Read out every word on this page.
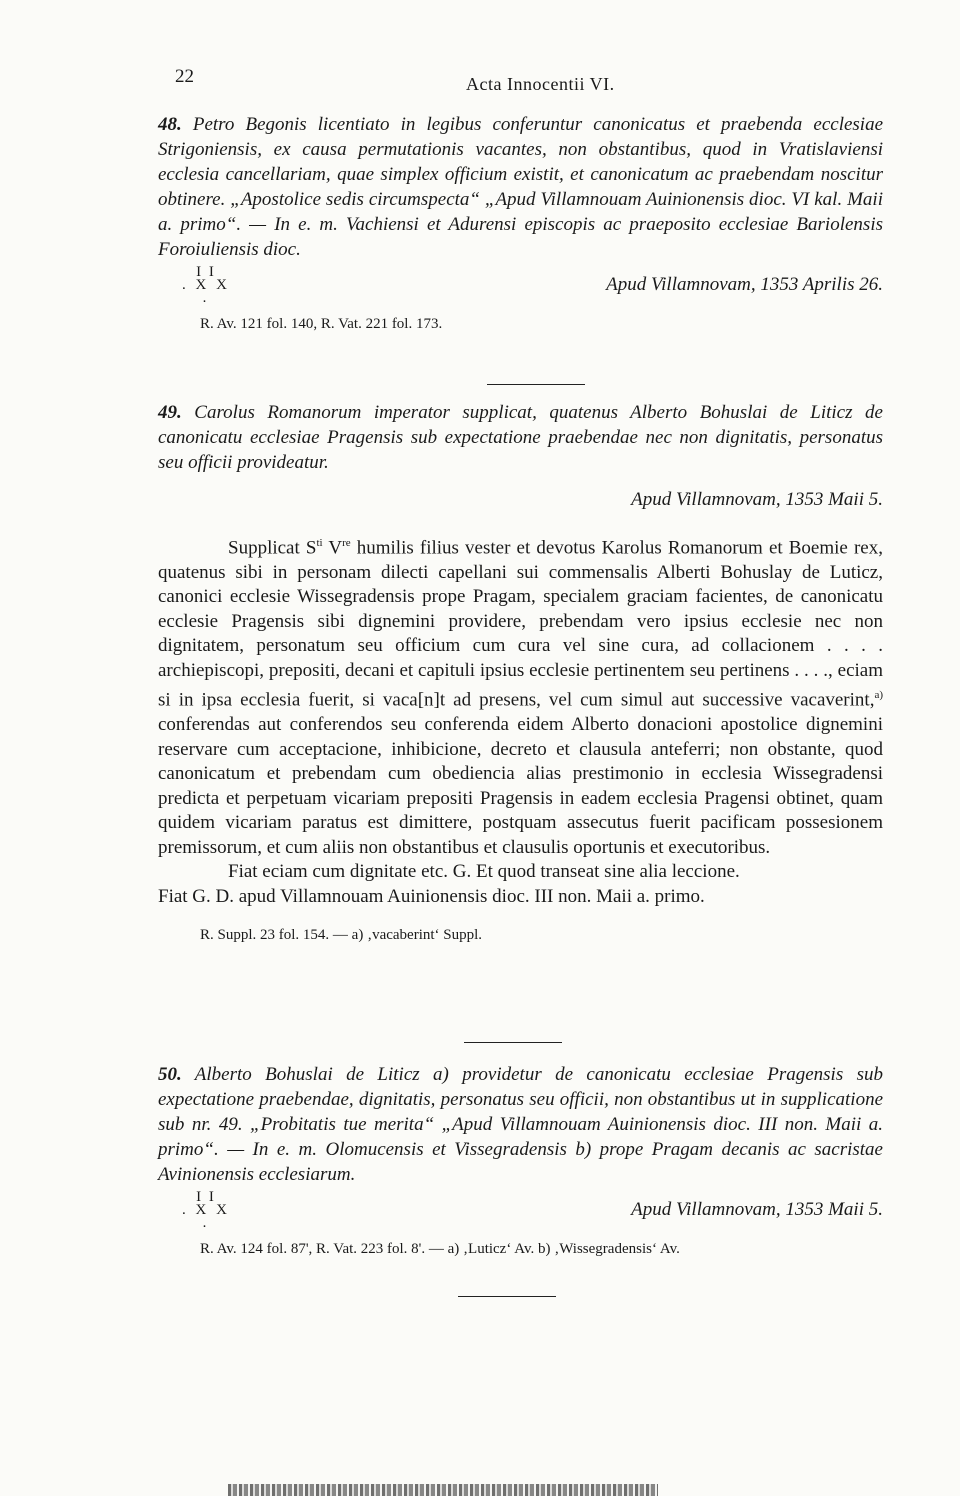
22	Acta Innocentii VI.

48. Petro Begonis licentiato in legibus conferuntur canonicatus et praebenda ecclesiae Strigoniensis, ex causa permutationis vacantes, non obstantibus, quod in Vratislaviensi ecclesia cancellariam, quae simplex officium existit, et canonicatum ac praebendam noscitur obtinere. „Apostolice sedis circumspecta“ „Apud Villamnouam Auinionensis dioc. VI kal. Maii a. primo“. — In e. m. Vachiensi et Adurensi episcopis ac praeposito ecclesiae Bariolensis Foroiuliensis dioc.

I I
. X X .
Apud Villamnovam, 1353 Aprilis 26.
R. Av. 121 fol. 140, R. Vat. 221 fol. 173.

49. Carolus Romanorum imperator supplicat, quatenus Alberto Bohuslai de Liticz de canonicatu ecclesiae Pragensis sub expectatione praebendae nec non dignitatis, personatus seu officii provideatur.

Apud Villamnovam, 1353 Maii 5.

Supplicat $S^{ti}$ Vre humilis filius vester et devotus Karolus Romanorum et Boemie rex, quatenus sibi in personam dilecti capellani sui commensalis Alberti Bohuslay de Luticz, canonici ecclesie Wissegradensis prope Pragam, specialem graciam facientes, de canonicatu ecclesie Pragensis sibi dignemini providere, prebendam vero ipsius ecclesie nec non dignitatem, personatum seu officium cum cura vel sine cura, ad collacionem . . . . archiepiscopi, prepositi, decani et capituli ipsius ecclesie pertinentem seu pertinens . . . ., eciam si in ipsa ecclesia fuerit, si vaca[n]t ad presens, vel cum simul aut successive vacaverint,$^{a)}$ conferendas aut conferendos seu conferenda eidem Alberto donacioni apostolice dignemini reservare cum acceptacione, inhibicione, decreto et clausula anteferri; non obstante, quod canonicatum et prebendam cum obediencia alias prestimonio in ecclesia Wissegradensi predicta et perpetuam vicariam prepositi Pragensis in eadem ecclesia Pragensi obtinet, quam quidem vicariam paratus est dimittere, postquam assecutus fuerit pacificam possesionem premissorum, et cum aliis non obstantibus et clausulis oportunis et executoribus.

Fiat eciam cum dignitate etc. G. Et quod transeat sine alia leccione.

Fiat G. D. apud Villamnouam Auinionensis dioc. III non. Maii a. primo.

R. Suppl. 23 fol. 154. — a) ‚vacaberint‘ Suppl.

50. Alberto Bohuslai de Liticz a) providetur de canonicatu ecclesiae Pragensis sub expectatione praebendae, dignitatis, personatus seu officii, non obstantibus ut in supplicatione sub nr. 49. „Probitatis tue merita“ „Apud Villamnouam Auinionensis dioc. III non. Maii a. primo“. — In e. m. Olomucensis et Vissegradensis b) prope Pragam decanis ac sacristae Avinionensis ecclesiarum.

I I
. X X .
Apud Villamnovam, 1353 Maii 5.
R. Av. 124 fol. 87', R. Vat. 223 fol. 8'. — a) ‚Luticz‘ Av. b) ‚Wissegradensis‘ Av.
